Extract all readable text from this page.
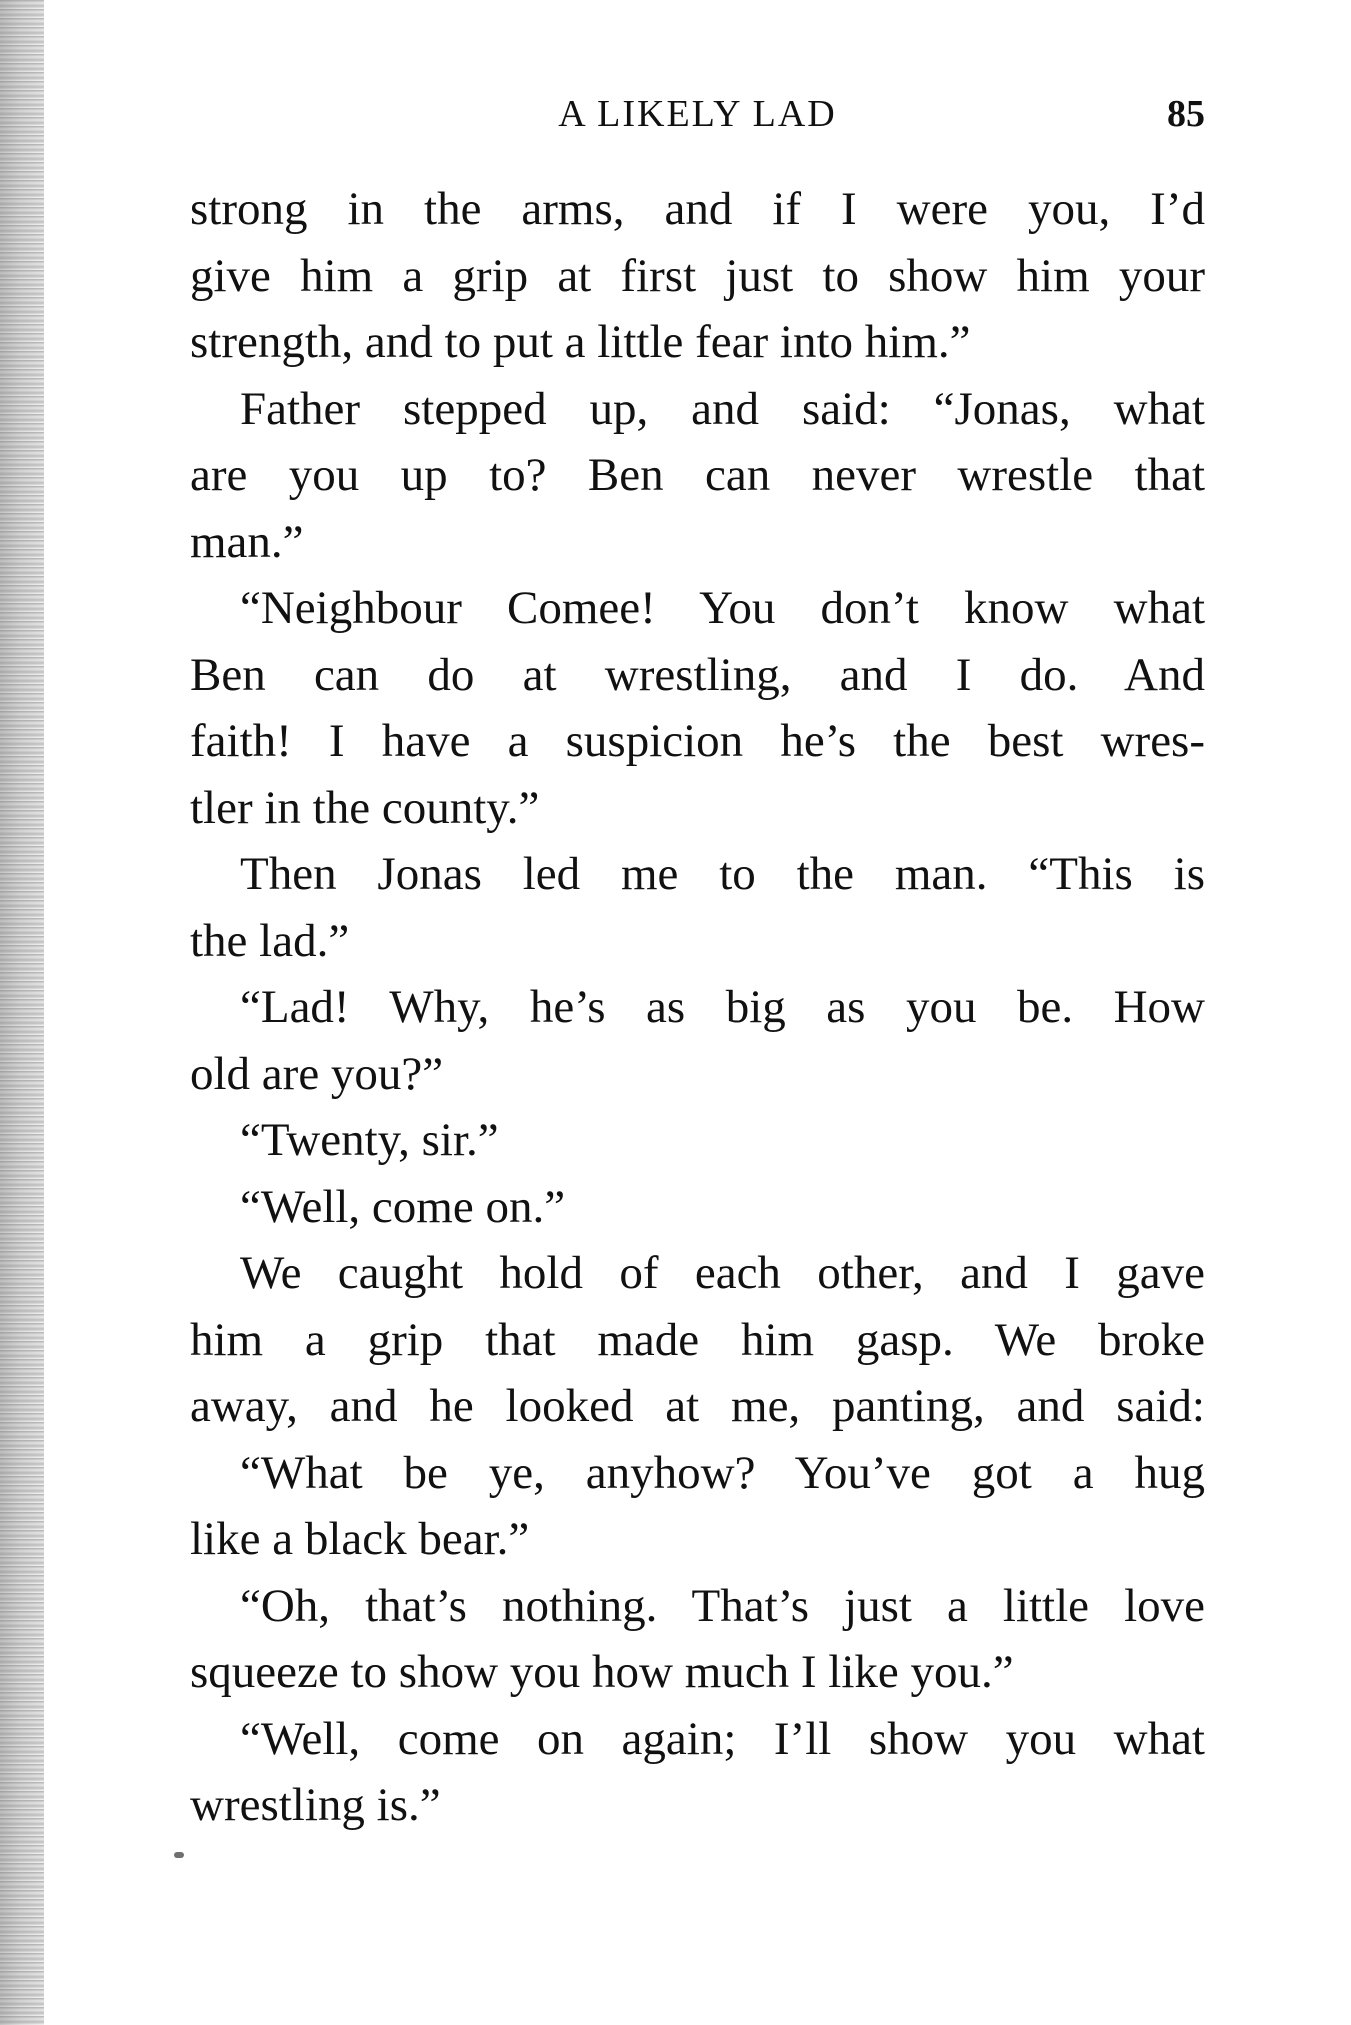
A LIKELY LAD	85
strong in the arms, and if I were you, I’d
give him a grip at first just to show him your
strength, and to put a little fear into him.”
Father stepped up, and said: “Jonas, what
are you up to? Ben can never wrestle that
man.”
“Neighbour Comee! You don’t know what
Ben can do at wrestling, and I do. And
faith! I have a suspicion he’s the best wres-
tler in the county.”
Then Jonas led me to the man. “This is
the lad.”
“Lad! Why, he’s as big as you be. How
old are you?”
“Twenty, sir.”
“Well, come on.”
We caught hold of each other, and I gave
him a grip that made him gasp. We broke
away, and he looked at me, panting, and said:
“What be ye, anyhow? You’ve got a hug
like a black bear.”
“Oh, that’s nothing. That’s just a little love
squeeze to show you how much I like you.”
“Well, come on again; I’ll show you what
wrestling is.”
